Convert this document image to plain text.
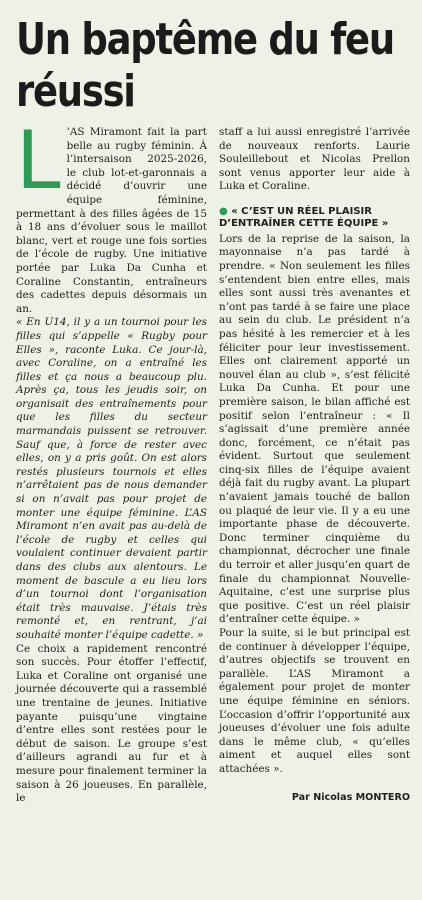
Un baptême du feu réussi

L ’AS Miramont fait la part belle au rugby féminin. À l’intersaison 2025-2026, le club lot-et-garonnais a décidé d’ouvrir une équipe féminine, permettant à des filles âgées de 15 à 18 ans d’évoluer sous le maillot blanc, vert et rouge une fois sorties de l’école de rugby. Une initiative portée par Luka Da Cunha et Coraline Constantin, entraîneurs des cadettes depuis désormais un an.

« En U14, il y a un tournoi pour les filles qui s’appelle « Rugby pour Elles », raconte Luka. Ce jour-là, avec Coraline, on a entraîné les filles et ça nous a beaucoup plu. Après ça, tous les jeudis soir, on organisait des entraînements pour que les filles du secteur marmandais puissent se retrouver. Sauf que, à force de rester avec elles, on y a pris goût. On est alors restés plusieurs tournois et elles n’arrêtaient pas de nous demander si on n’avait pas pour projet de monter une équipe féminine. L’AS Miramont n’en avait pas au-delà de l’école de rugby et celles qui voulaient continuer devaient partir dans des clubs aux alentours. Le moment de bascule a eu lieu lors d’un tournoi dont l’organisation était très mauvaise. J’étais très remonté et, en rentrant, j’ai souhaité monter l’équipe cadette. »

Ce choix a rapidement rencontré son succès. Pour étoffer l’effectif, Luka et Coraline ont organisé une journée découverte qui a rassemblé une trentaine de jeunes. Initiative payante puisqu’une vingtaine d’entre elles sont restées pour le début de saison. Le groupe s’est d’ailleurs agrandi au fur et à mesure pour finalement terminer la saison à 26 joueuses. En parallèle, le

staff a lui aussi enregistré l’arrivée de nouveaux renforts. Laurie Souleillebout et Nicolas Prellon sont venus apporter leur aide à Luka et Coraline.

● « C’EST UN RÉEL PLAISIR D’ENTRAÎNER CETTE ÉQUIPE »

Lors de la reprise de la saison, la mayonnaise n’a pas tardé à prendre. « Non seulement les filles s’entendent bien entre elles, mais elles sont aussi très avenantes et n’ont pas tardé à se faire une place au sein du club. Le président n’a pas hésité à les remercier et à les féliciter pour leur investissement. Elles ont clairement apporté un nouvel élan au club », s’est félicité Luka Da Cunha. Et pour une première saison, le bilan affiché est positif selon l’entraîneur : « Il s’agissait d’une première année donc, forcément, ce n’était pas évident. Surtout que seulement cinq-six filles de l’équipe avaient déjà fait du rugby avant. La plupart n’avaient jamais touché de ballon ou plaqué de leur vie. Il y a eu une importante phase de découverte. Donc terminer cinquième du championnat, décrocher une finale du terroir et aller jusqu’en quart de finale du championnat Nouvelle-Aquitaine, c’est une surprise plus que positive. C’est un réel plaisir d’entraîner cette équipe. »

Pour la suite, si le but principal est de continuer à développer l’équipe, d’autres objectifs se trouvent en parallèle. L’AS Miramont a également pour projet de monter une équipe féminine en séniors. L’occasion d’offrir l’opportunité aux joueuses d’évoluer une fois adulte dans le même club, « qu’elles aiment et auquel elles sont attachées ».

Par Nicolas MONTERO
